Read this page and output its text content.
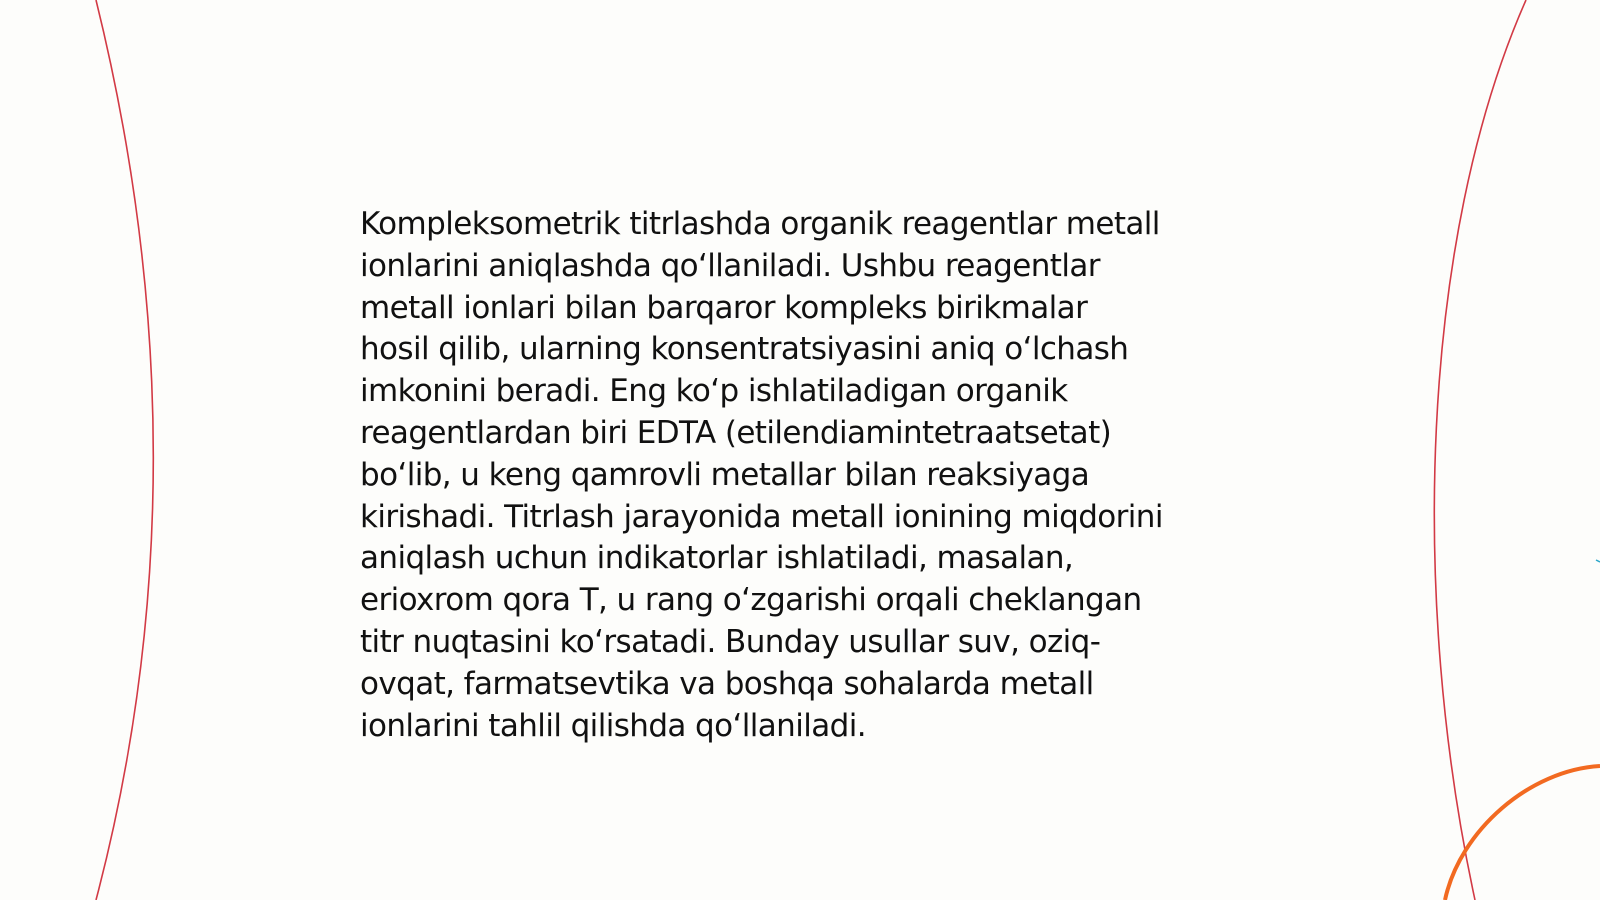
Kompleksometrik titrlashda organik reagentlar metall
ionlarini aniqlashda qo‘llaniladi. Ushbu reagentlar
metall ionlari bilan barqaror kompleks birikmalar
hosil qilib, ularning konsentratsiyasini aniq o‘lchash
imkonini beradi. Eng ko‘p ishlatiladigan organik
reagentlardan biri EDTA (etilendiamintetraatsetat)
bo‘lib, u keng qamrovli metallar bilan reaksiyaga
kirishadi. Titrlash jarayonida metall ionining miqdorini
aniqlash uchun indikatorlar ishlatiladi, masalan,
erioxrom qora T, u rang o‘zgarishi orqali cheklangan
titr nuqtasini ko‘rsatadi. Bunday usullar suv, oziq-
ovqat, farmatsevtika va boshqa sohalarda metall
ionlarini tahlil qilishda qo‘llaniladi.
